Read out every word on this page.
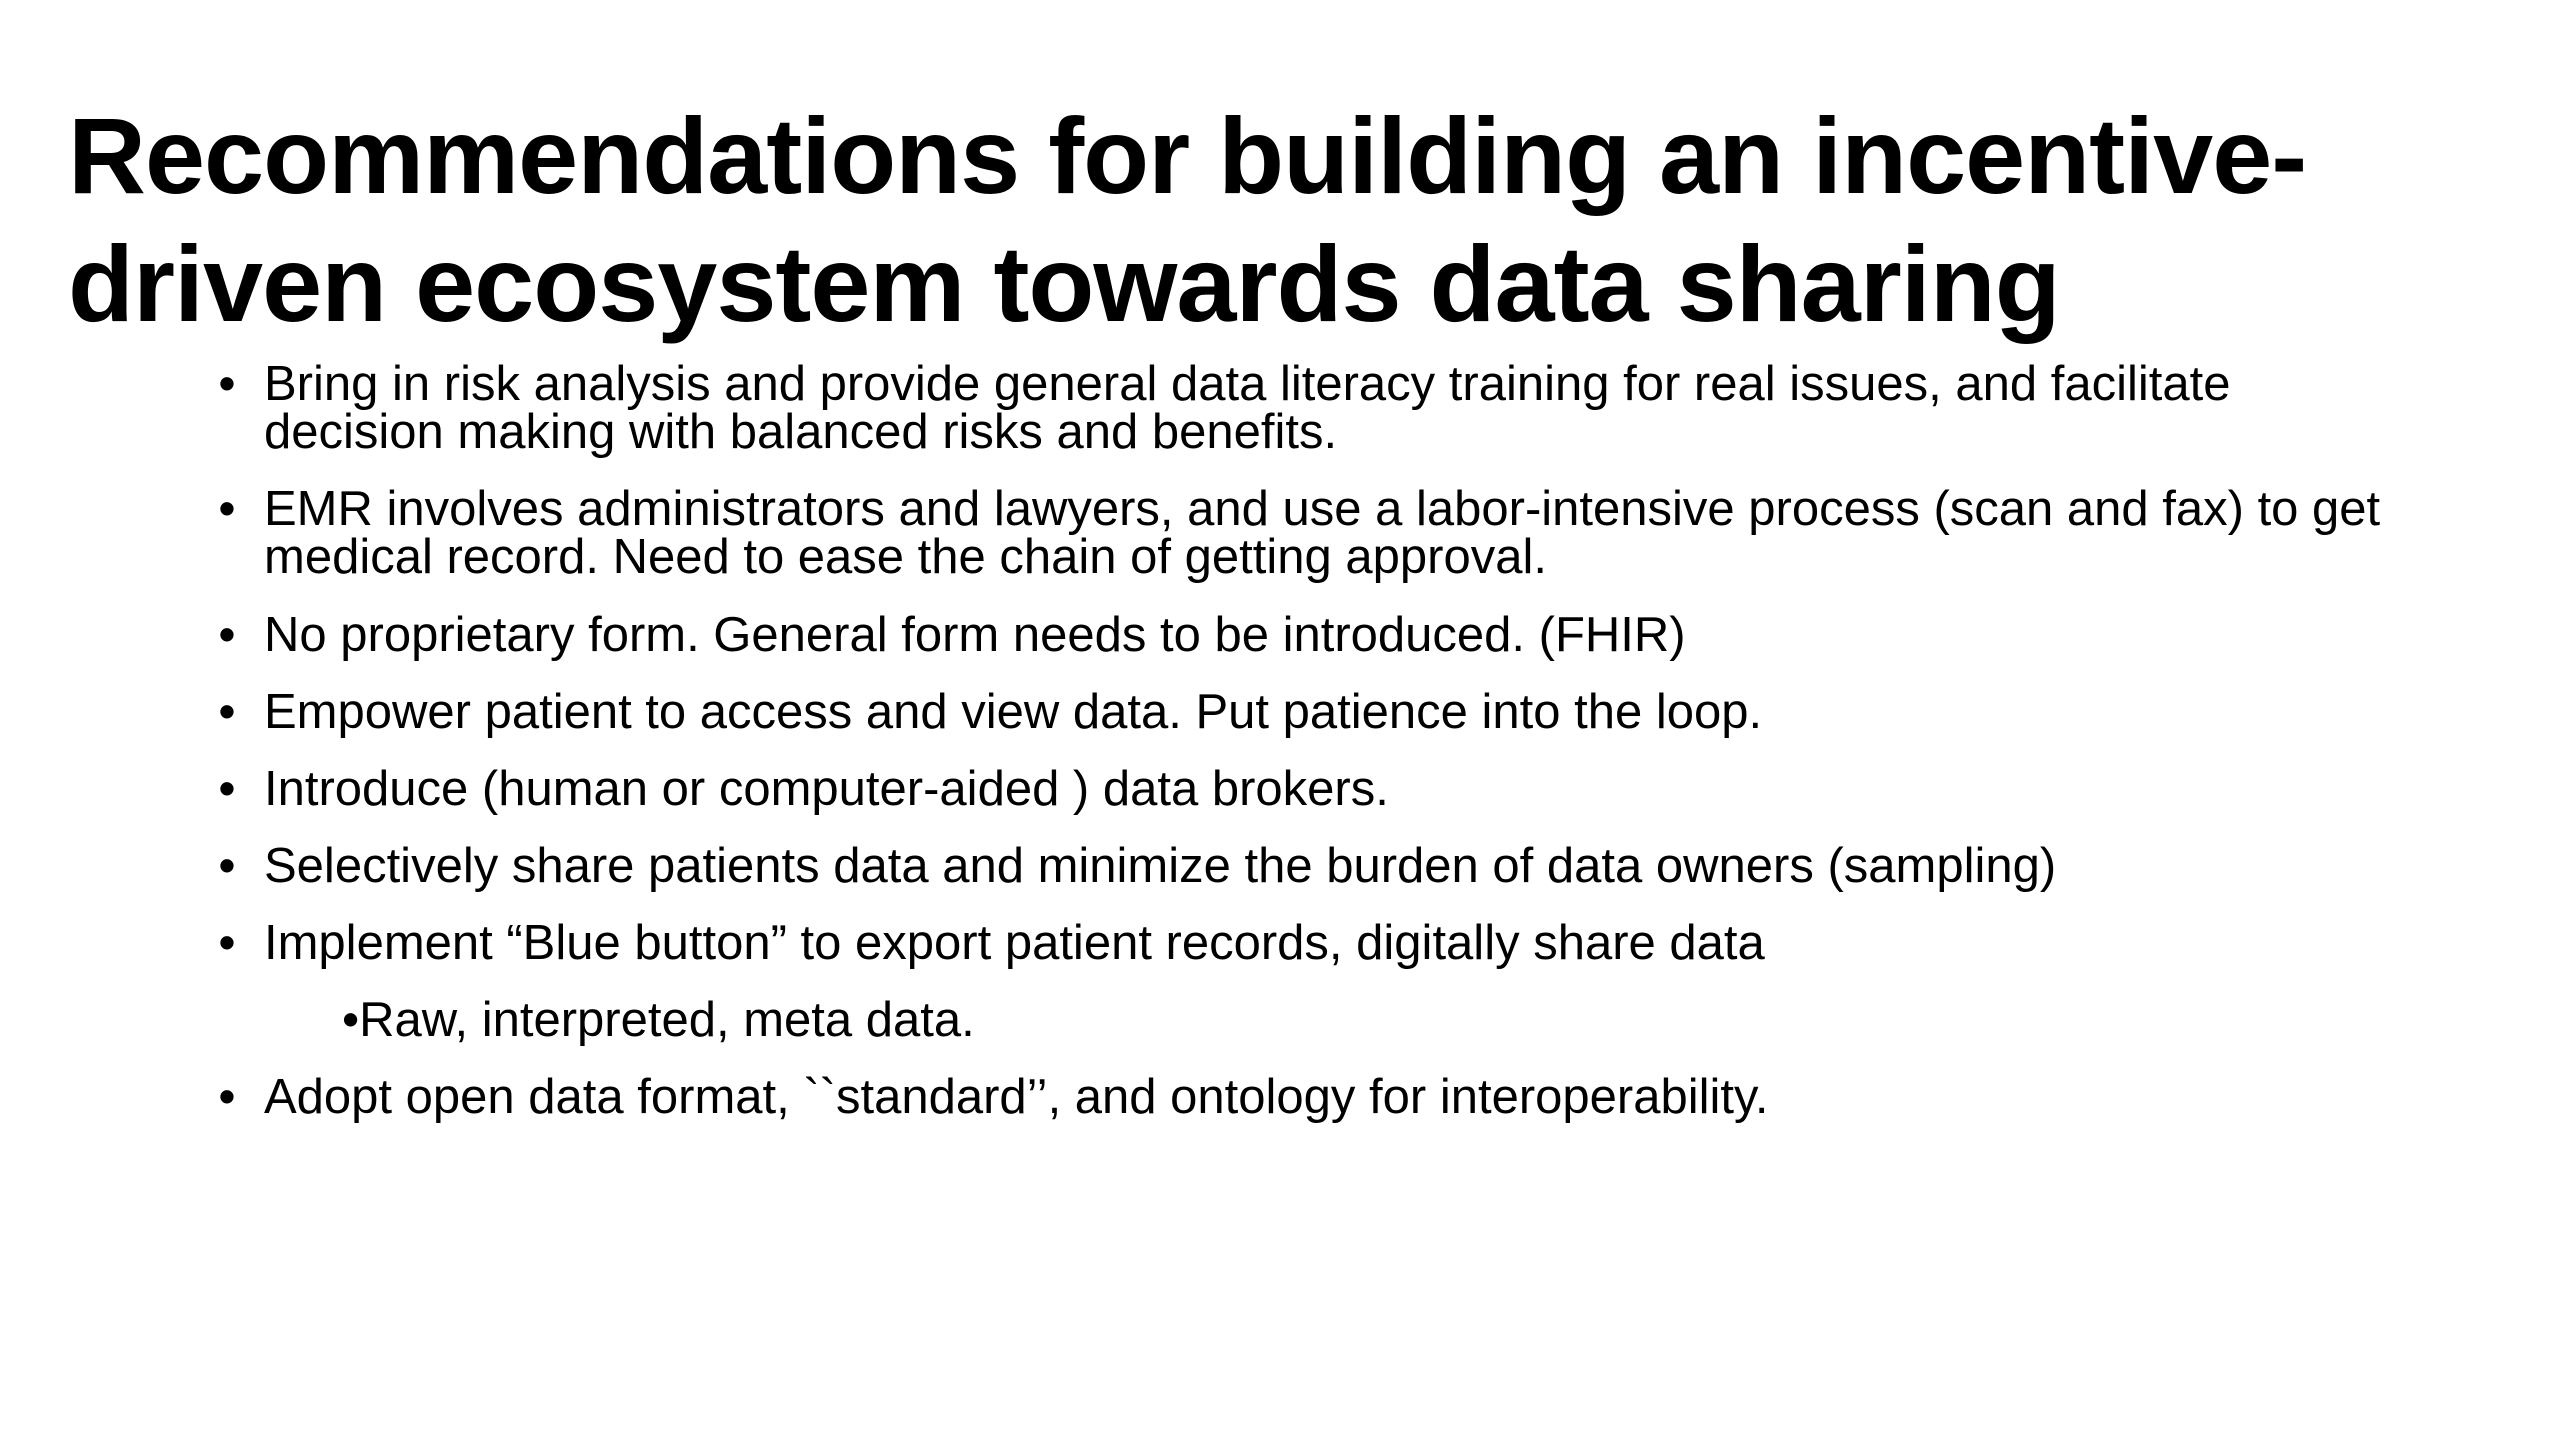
Recommendations for building an incentive-
driven ecosystem towards data sharing
• Bring in risk analysis and provide general data literacy training for real issues, and facilitate
decision making with balanced risks and benefits.
• EMR involves administrators and lawyers, and use a labor-intensive process (scan and fax) to get
medical record. Need to ease the chain of getting approval.
• No proprietary form. General form needs to be introduced. (FHIR)
• Empower patient to access and view data. Put patience into the loop.
• Introduce (human or computer-aided ) data brokers.
• Selectively share patients data and minimize the burden of data owners (sampling)
• Implement “Blue button” to export patient records, digitally share data
•Raw, interpreted, meta data.
• Adopt open data format, ``standard’’, and ontology for interoperability.
